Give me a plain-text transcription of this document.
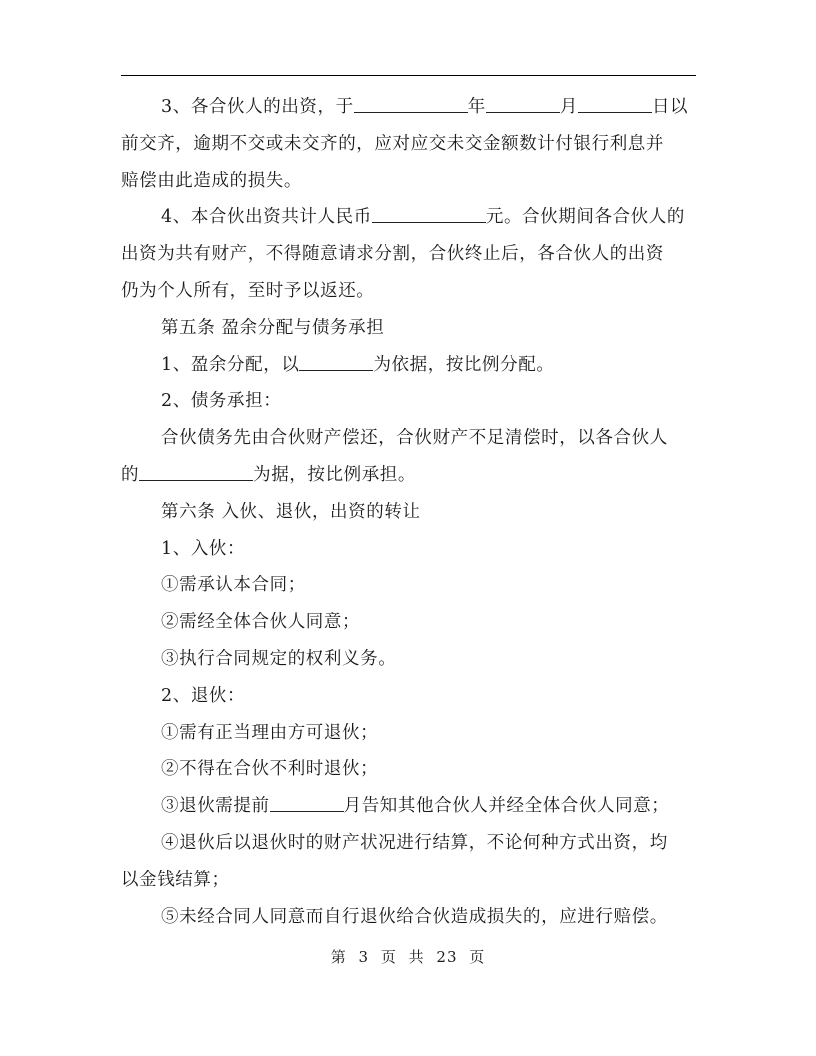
3、各合伙人的出资，于	年	月	日以

前交齐，逾期不交或未交齐的，应对应交未交金额数计付银行利息并

赔偿由此造成的损失。

4、本合伙出资共计人民币	元。合伙期间各合伙人的

出资为共有财产，不得随意请求分割，合伙终止后，各合伙人的出资

仍为个人所有，至时予以返还。

第五条 盈余分配与债务承担

1、盈余分配，以	为依据，按比例分配。

2、债务承担：

合伙债务先由合伙财产偿还，合伙财产不足清偿时，以各合伙人

的	为据，按比例承担。

第六条 入伙、退伙，出资的转让

1、入伙：

①需承认本合同；

②需经全体合伙人同意；

③执行合同规定的权利义务。

2、退伙：

①需有正当理由方可退伙；

②不得在合伙不利时退伙；

③退伙需提前	月告知其他合伙人并经全体合伙人同意；

④退伙后以退伙时的财产状况进行结算，不论何种方式出资，均

以金钱结算；

⑤未经合同人同意而自行退伙给合伙造成损失的，应进行赔偿。

第 3 页 共 23 页
